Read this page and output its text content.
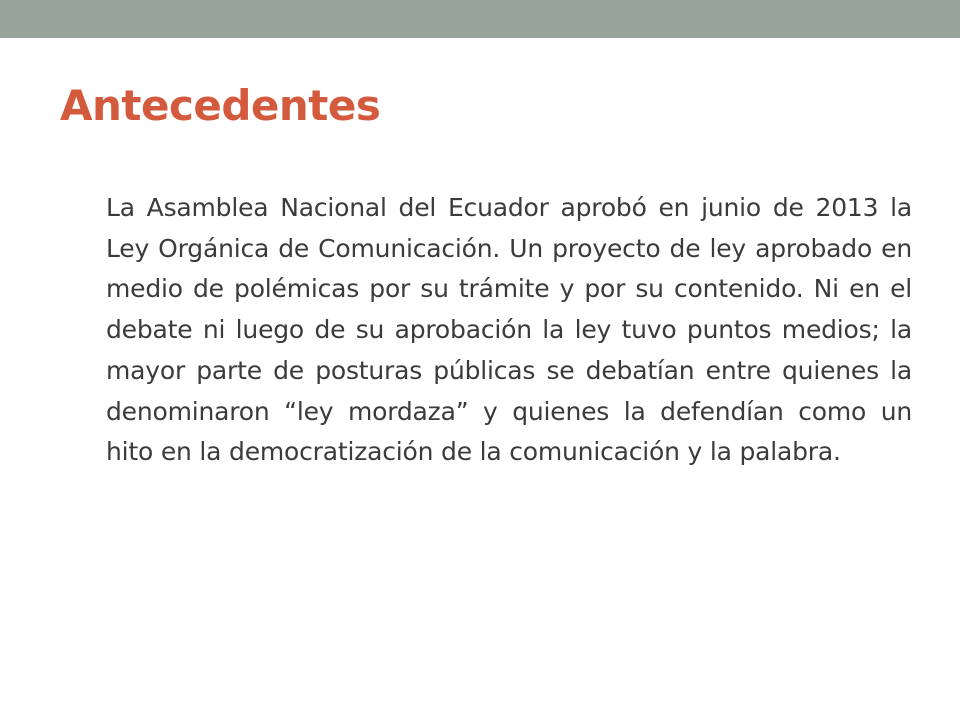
Antecedentes

La Asamblea Nacional del Ecuador aprobó en junio de 2013 la Ley Orgánica de Comunicación. Un proyecto de ley aprobado en medio de polémicas por su trámite y por su contenido. Ni en el debate ni luego de su aprobación la ley tuvo puntos medios; la mayor parte de posturas públicas se debatían entre quienes la denominaron “ley mordaza” y quienes la defendían como un hito en la democratización de la comunicación y la palabra.
